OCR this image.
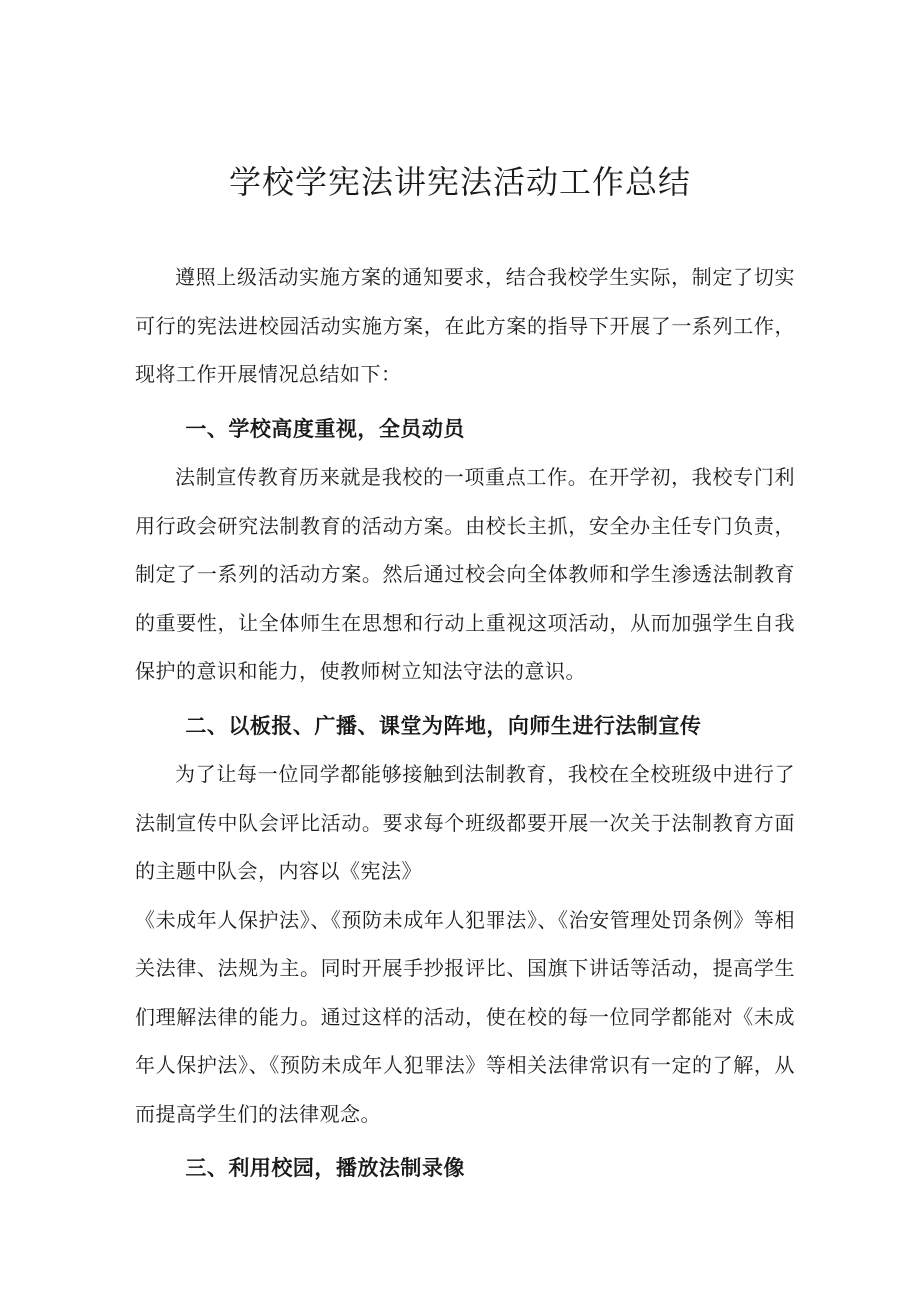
学校学宪法讲宪法活动工作总结

遵照上级活动实施方案的通知要求，结合我校学生实际，制定了切实可行的宪法进校园活动实施方案，在此方案的指导下开展了一系列工作，现将工作开展情况总结如下：

一、学校高度重视，全员动员

法制宣传教育历来就是我校的一项重点工作。在开学初，我校专门利用行政会研究法制教育的活动方案。由校长主抓，安全办主任专门负责，制定了一系列的活动方案。然后通过校会向全体教师和学生渗透法制教育的重要性，让全体师生在思想和行动上重视这项活动，从而加强学生自我保护的意识和能力，使教师树立知法守法的意识。

二、以板报、广播、课堂为阵地，向师生进行法制宣传

为了让每一位同学都能够接触到法制教育，我校在全校班级中进行了法制宣传中队会评比活动。要求每个班级都要开展一次关于法制教育方面的主题中队会，内容以《宪法》

《未成年人保护法》、《预防未成年人犯罪法》、《治安管理处罚条例》等相关法律、法规为主。同时开展手抄报评比、国旗下讲话等活动，提高学生们理解法律的能力。通过这样的活动，使在校的每一位同学都能对《未成年人保护法》、《预防未成年人犯罪法》等相关法律常识有一定的了解，从而提高学生们的法律观念。

三、利用校园，播放法制录像
